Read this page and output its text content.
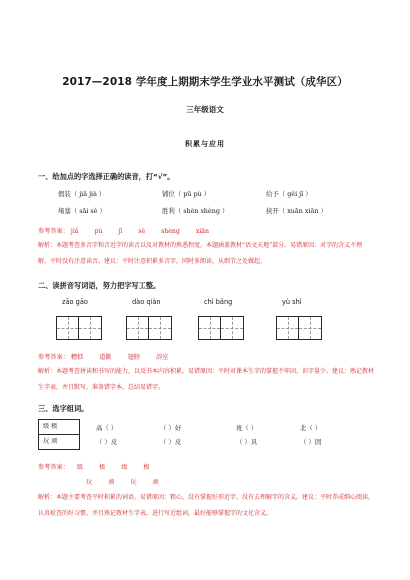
2017—2018 学年度上期期末学生学业水平测试（成华区）
三年级语文
积累与应用
一、给加点的字选择正确的读音，打“√”。
假装（ jiǎ jià ）	铺位（ pū pù ）	给予（ gěi jǐ ）
堵塞（ sāi sè ）	胜利（ shèn shèng ）	挟开（ xuān xiān ）
参考答案： jiǎ	pù	jǐ	sè	shèng	xiān
解析：本题考查多音字和音近字的读音以及对教材的熟悉程度，本题涵盖教材“语文天地”部分。易错原因：对字的含义不理解，平时没有注意读音。建议：平时注意积累多音字，同时多朗读，从细节之处做起。
二、读拼音写词语，努力把字写工整。
zāo gāo	dào qiàn	chì bǎng	yù shì
参考答案： 糟糕	道歉	翅膀	浴室
解析：本题考查拼读和书写的能力，以及书本内容积累，易错原因：平时对课本生字的掌握不牢固，识字量少。建议：熟记教材生字表，并且默写，准备错字本，总结易错字。
三、选字组词。
级 极
玩 顽
高（ ）	（ ）好	班（ ）	北（ ）
（ ）皮	（ ）皮	（ ）具	（ ）固
参考答案： 级	极	级	极
玩	顽	玩	顽
解析：本题主要考查平时积累的词语，易错原因：粗心，没有掌握好形近字，没有去理解字的含义。建议：平时养成细心阅读，认真检查的好习惯，并且熟记教材生字表，进行写近组词，最好能够掌握字的文化含义。
